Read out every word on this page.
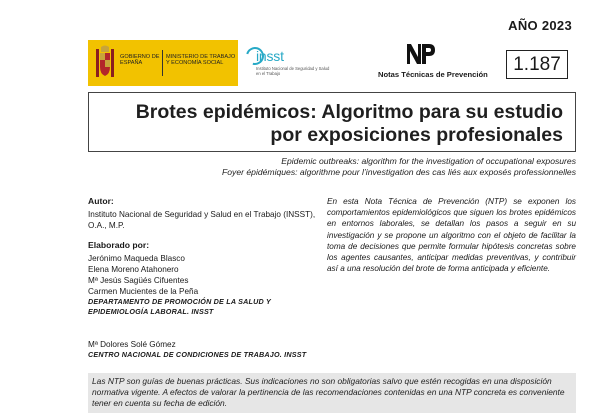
AÑO 2023
GOBIERNO DE ESPAÑA
MINISTERIO DE TRABAJO Y ECONOMÍA SOCIAL	insst
Instituto Nacional de Seguridad y Salud en el Trabajo	Notas Técnicas de Prevención	1.187
Brotes epidémicos: Algoritmo para su estudio
por exposiciones profesionales
Epidemic outbreaks: algorithm for the investigation of occupational exposures
Foyer épidémiques: algorithme pour l’investigation des cas liés aux exposés professionnelles
Autor:
Instituto Nacional de Seguridad y Salud en el Trabajo (INSST), O.A., M.P.
Elaborado por:
Jerónimo Maqueda Blasco
Elena Moreno Atahonero
Mª Jesús Sagüés Cifuentes
Carmen Mucientes de la Peña
DEPARTAMENTO DE PROMOCIÓN DE LA SALUD Y EPIDEMIOLOGÍA LABORAL. INSST
Mª Dolores Solé Gómez
CENTRO NACIONAL DE CONDICIONES DE TRABAJO. INSST
En esta Nota Técnica de Prevención (NTP) se exponen los comportamientos epidemiológicos que siguen los brotes epidémicos en entornos laborales, se detallan los pasos a seguir en su investigación y se propone un algoritmo con el objeto de facilitar la toma de decisiones que permite formular hipótesis concretas sobre los agentes causantes, anticipar medidas preventivas, y contribuir así a una resolución del brote de forma anticipada y eficiente.
Las NTP son guías de buenas prácticas. Sus indicaciones no son obligatorias salvo que estén recogidas en una disposición normativa vigente. A efectos de valorar la pertinencia de las recomendaciones contenidas en una NTP concreta es conveniente tener en cuenta su fecha de edición.
